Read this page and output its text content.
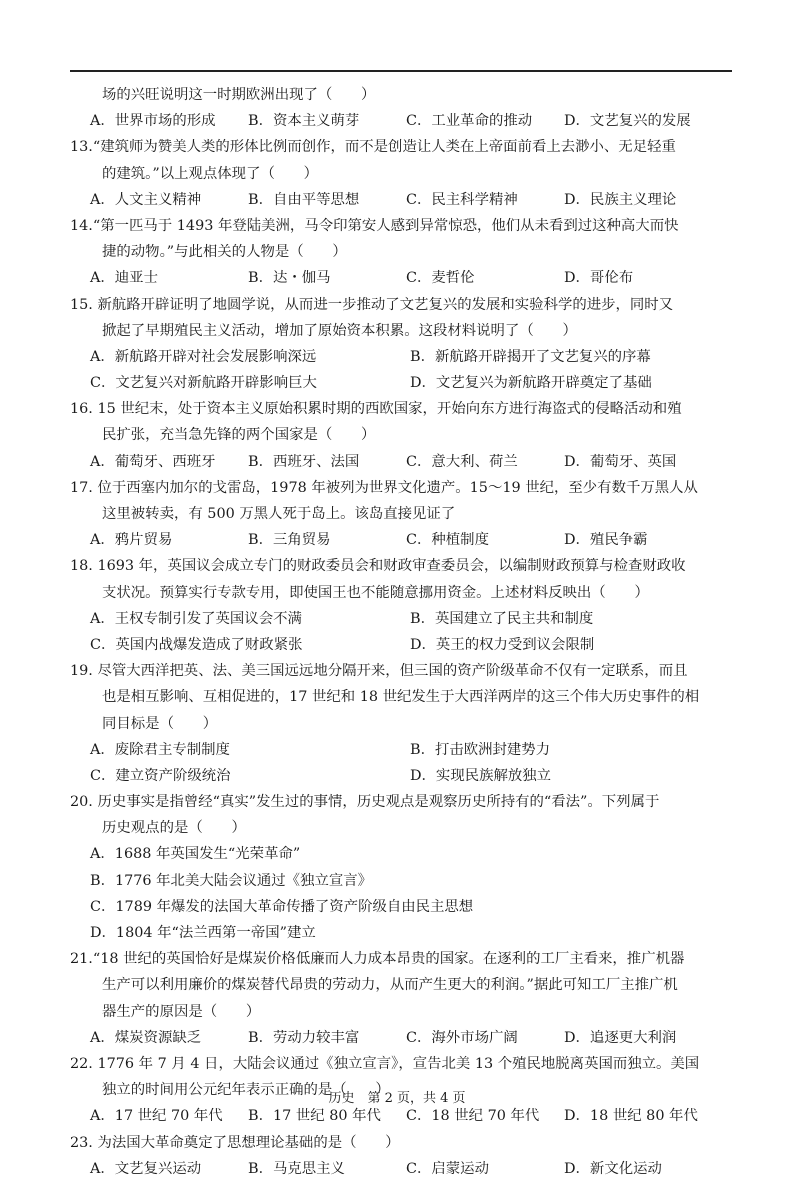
场的兴旺说明这一时期欧洲出现了（　　）
A．世界市场的形成	B．资本主义萌芽	C．工业革命的推动	D．文艺复兴的发展
13.“建筑师为赞美人类的形体比例而创作，而不是创造让人类在上帝面前看上去渺小、无足轻重
的建筑。”以上观点体现了（　　）
A．人文主义精神	B．自由平等思想	C．民主科学精神	D．民族主义理论
14.“第一匹马于 1493 年登陆美洲，马令印第安人感到异常惊恐，他们从未看到过这种高大而快
捷的动物。”与此相关的人物是（　　）
A．迪亚士	B．达・伽马	C．麦哲伦	D．哥伦布
15. 新航路开辟证明了地圆学说，从而进一步推动了文艺复兴的发展和实验科学的进步，同时又
掀起了早期殖民主义活动，增加了原始资本积累。这段材料说明了（　　）
A．新航路开辟对社会发展影响深远	B．新航路开辟揭开了文艺复兴的序幕
C．文艺复兴对新航路开辟影响巨大	D．文艺复兴为新航路开辟奠定了基础
16. 15 世纪末，处于资本主义原始积累时期的西欧国家，开始向东方进行海盗式的侵略活动和殖
民扩张，充当急先锋的两个国家是（　　）
A．葡萄牙、西班牙	B．西班牙、法国	C．意大利、荷兰	D．葡萄牙、英国
17. 位于西塞内加尔的戈雷岛，1978 年被列为世界文化遗产。15～19 世纪，至少有数千万黑人从
这里被转卖，有 500 万黑人死于岛上。该岛直接见证了
A．鸦片贸易	B．三角贸易	C．种植制度	D．殖民争霸
18. 1693 年，英国议会成立专门的财政委员会和财政审查委员会，以编制财政预算与检查财政收
支状况。预算实行专款专用，即使国王也不能随意挪用资金。上述材料反映出（　　）
A．王权专制引发了英国议会不满	B．英国建立了民主共和制度
C．英国内战爆发造成了财政紧张	D．英王的权力受到议会限制
19. 尽管大西洋把英、法、美三国远远地分隔开来，但三国的资产阶级革命不仅有一定联系，而且
也是相互影响、互相促进的，17 世纪和 18 世纪发生于大西洋两岸的这三个伟大历史事件的相
同目标是（　　）
A．废除君主专制制度	B．打击欧洲封建势力
C．建立资产阶级统治	D．实现民族解放独立
20. 历史事实是指曾经“真实”发生过的事情，历史观点是观察历史所持有的“看法”。下列属于
历史观点的是（　　）
A．1688 年英国发生“光荣革命”
B．1776 年北美大陆会议通过《独立宣言》
C．1789 年爆发的法国大革命传播了资产阶级自由民主思想
D．1804 年“法兰西第一帝国”建立
21.“18 世纪的英国恰好是煤炭价格低廉而人力成本昂贵的国家。在逐利的工厂主看来，推广机器
生产可以利用廉价的煤炭替代昂贵的劳动力，从而产生更大的利润。”据此可知工厂主推广机
器生产的原因是（　　）
A．煤炭资源缺乏	B．劳动力较丰富	C．海外市场广阔	D．追逐更大利润
22. 1776 年 7 月 4 日，大陆会议通过《独立宣言》，宣告北美 13 个殖民地脱离英国而独立。美国
独立的时间用公元纪年表示正确的是（　　）
A．17 世纪 70 年代	B．17 世纪 80 年代	C．18 世纪 70 年代	D．18 世纪 80 年代
23. 为法国大革命奠定了思想理论基础的是（　　）
A．文艺复兴运动	B．马克思主义	C．启蒙运动	D．新文化运动
历史　第 2 页，共 4 页
